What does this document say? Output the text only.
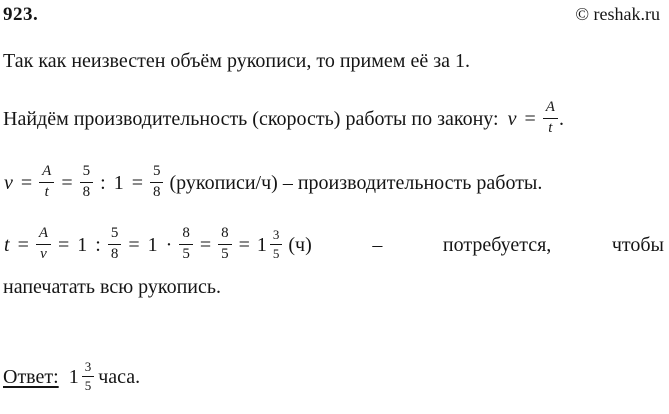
923.	© reshak.ru

Так как неизвестен объём рукописи, то примем её за 1.

Найдём производительность (скорость) работы по закону: $v = \frac{A}{t}$ .
$v = \frac{A}{t} = \frac{5}{8}$ : $1 = \frac{5}{8}$ (рукописи/ч) – производительность работы.
$t = \frac{A}{v} = 1$ : $\frac{5}{8} = 1 \cdot \frac{8}{5} = \frac{8}{5} = 1 \frac{3}{5} (ч)$	–	потребуется,	чтобы

напечатать всю рукопись.

Ответ: $1 \frac{3}{5}$ часа.
